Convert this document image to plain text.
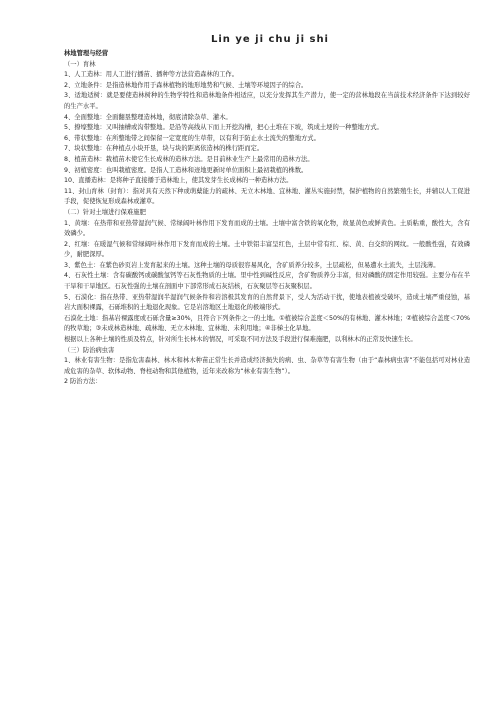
Lin ye ji chu ji shi

林地管理与经营

（一）育林

1、人工造林：用人工进行播苗、播种等方法营造森林的工作。

2、立地条件：是指造林地作用于森林植物的地形地势和气候、土壤等环境因子的综合。

3、适地适树：就是要使造林树种的生物学特性和造林地条件相适应，以充分发挥其生产潜力，使一定的营林地段在当前技术经济条件下达到较好的生产水平。

4、全面整地：全面翻垦整理造林地，彻底清除杂草、灌木。

5、撩壕整地：又叫抽槽或沟带整地。是沿等高线从下而上开挖沟槽，把心土堆在下坡，筑成土埂的一种整地方式。

6、带状整地：在所整地带之间保留一定宽度的生草带，以有利于防止水土流失的整地方式。

7、块状整地：在种植点小块开垦，块与块的距离依造林的株行距而定。

8、植苗造林：栽植苗木使它生长成林的造林方法。是目前林业生产上最常用的造林方法。

9、初植密度：也叫栽植密度。是指人工造林和迹地更新时单位面积上最初栽植的株数。

10、直播造林：是将种子直接播于造林地上，使其发芽生长成林的一种造林方法。

11、封山育林（封育）：指对具有天然下种或萌蘖能力的疏林、无立木林地、宜林地、灌丛实施封禁，保护植物的自然繁殖生长，并辅以人工促进手段，促使恢复形成森林或灌草。

（二）针对土壤进行保难施肥

1、黄壤：在热带和亚热带湿润气候、常绿阔叶林作用下发育而成的土壤。土壤中富含铁的氧化物，故显黄色或鲜黄色。土质粘重，酸性大，含有效磷少。

2、红壤：在暖湿气候和常绿阔叶林作用下发育而成的土壤。土中铁铝丰富呈红色，土层中常有红、棕、黄、白交织的网纹。一般酸性强，有效磷少，耐肥深厚。

3、紫色土：在紫色砂页岩上发育起来的土壤。这种土壤的母质很容易风化，含矿质养分较多，土层疏松，但易遭水土流失，土层浅薄。

4、石灰性土壤：含有碳酸钙或碳酸氢钙等石灰性物质的土壤。里中性到碱性反应，含矿物质养分丰富，但对磷酸的固定作用较强。主要分布在半干旱和干旱地区。石灰性强的土壤在剖面中下部常形成石灰结核，石灰聚层等石灰聚积层。

5、石漠化：指在热带、亚热带湿润半湿润气候条件和岩溶极其发育的自然背景下，受人为活动干扰，使地表植被受破坏，造成土壤严重侵蚀，基岩大面积裸露，石砾堆积的土地退化现象。它是岩溶地区土地退化的极端形式。

石漠化土地：指基岩裸露度或石砾含量≥30%，且符合下列条件之一的土地。①植被综合盖度＜50%的有林地、灌木林地；②植被综合盖度＜70%的牧草地；③未成林造林地、疏林地、无立木林地、宜林地、未利用地；④非梯土化旱地。

根据以上各种土壤的性质及特点，针对所生长林木的情况，可采取不同方法及手段进行保难施肥，以利林木的正常及快速生长。

（三）防治病虫害

1、林业有害生物：是指危害森林、林木和林木种苗正常生长并造成经济损失的病、虫、杂草等有害生物（由于“森林病虫害”不能包括可对林业造成危害的杂草、软体动物、脊柱动物和其他植物，近年来改称为“林业有害生物”）。

2 防治方法：
